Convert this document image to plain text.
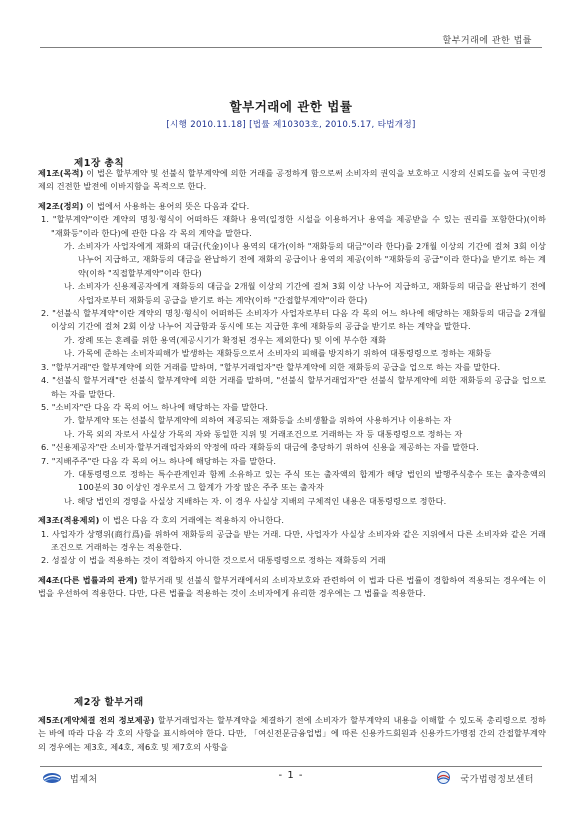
할부거래에 관한 법률
할부거래에 관한 법률
[시행 2010.11.18] [법률 제10303호, 2010.5.17, 타법개정]
제1장 총칙

제1조(목적) 이 법은 할부계약 및 선불식 할부계약에 의한 거래를 공정하게 함으로써 소비자의 권익을 보호하고 시장의 신뢰도를 높여 국민경제의 건전한 발전에 이바지함을 목적으로 한다.

제2조(정의) 이 법에서 사용하는 용어의 뜻은 다음과 같다.

1. "할부계약"이란 계약의 명칭·형식이 어떠하든 재화나 용역(일정한 시설을 이용하거나 용역을 제공받을 수 있는 권리를 포함한다)(이하 "재화등"이라 한다)에 관한 다음 각 목의 계약을 말한다.

가. 소비자가 사업자에게 재화의 대금(代金)이나 용역의 대가(이하 "재화등의 대금"이라 한다)를 2개월 이상의 기간에 걸쳐 3회 이상 나누어 지급하고, 재화등의 대금을 완납하기 전에 재화의 공급이나 용역의 제공(이하 "재화등의 공급"이라 한다)을 받기로 하는 계약(이하 "직접할부계약"이라 한다)

나. 소비자가 신용제공자에게 재화등의 대금을 2개월 이상의 기간에 걸쳐 3회 이상 나누어 지급하고, 재화등의 대금을 완납하기 전에 사업자로부터 재화등의 공급을 받기로 하는 계약(이하 "간접할부계약"이라 한다)

2. "선불식 할부계약"이란 계약의 명칭·형식이 어떠하든 소비자가 사업자로부터 다음 각 목의 어느 하나에 해당하는 재화등의 대금을 2개월 이상의 기간에 걸쳐 2회 이상 나누어 지급함과 동시에 또는 지급한 후에 재화등의 공급을 받기로 하는 계약을 말한다.

가. 장례 또는 혼례를 위한 용역(제공시기가 확정된 경우는 제외한다) 및 이에 부수한 재화

나. 가목에 준하는 소비자피해가 발생하는 재화등으로서 소비자의 피해를 방지하기 위하여 대통령령으로 정하는 재화등

3. "할부거래"란 할부계약에 의한 거래를 말하며, "할부거래업자"란 할부계약에 의한 재화등의 공급을 업으로 하는 자를 말한다.

4. "선불식 할부거래"란 선불식 할부계약에 의한 거래를 말하며, "선불식 할부거래업자"란 선불식 할부계약에 의한 재화등의 공급을 업으로 하는 자를 말한다.

5. "소비자"란 다음 각 목의 어느 하나에 해당하는 자를 말한다.

가. 할부계약 또는 선불식 할부계약에 의하여 제공되는 재화등을 소비생활을 위하여 사용하거나 이용하는 자

나. 가목 외의 자로서 사실상 가목의 자와 동일한 지위 및 거래조건으로 거래하는 자 등 대통령령으로 정하는 자

6. "신용제공자"란 소비자·할부거래업자와의 약정에 따라 재화등의 대금에 충당하기 위하여 신용을 제공하는 자를 말한다.

7. "지배주주"란 다음 각 목의 어느 하나에 해당하는 자를 말한다.

가. 대통령령으로 정하는 특수관계인과 함께 소유하고 있는 주식 또는 출자액의 합계가 해당 법인의 발행주식총수 또는 출자총액의 100분의 30 이상인 경우로서 그 합계가 가장 많은 주주 또는 출자자

나. 해당 법인의 경영을 사실상 지배하는 자. 이 경우 사실상 지배의 구체적인 내용은 대통령령으로 정한다.

제3조(적용제외) 이 법은 다음 각 호의 거래에는 적용하지 아니한다.

1. 사업자가 상행위(商行爲)를 위하여 재화등의 공급을 받는 거래. 다만, 사업자가 사실상 소비자와 같은 지위에서 다른 소비자와 같은 거래조건으로 거래하는 경우는 적용한다.

2. 성질상 이 법을 적용하는 것이 적합하지 아니한 것으로서 대통령령으로 정하는 재화등의 거래

제4조(다른 법률과의 관계) 할부거래 및 선불식 할부거래에서의 소비자보호와 관련하여 이 법과 다른 법률이 경합하여 적용되는 경우에는 이 법을 우선하여 적용한다. 다만, 다른 법률을 적용하는 것이 소비자에게 유리한 경우에는 그 법률을 적용한다.

제2장 할부거래

제5조(계약체결 전의 정보제공) 할부거래업자는 할부계약을 체결하기 전에 소비자가 할부계약의 내용을 이해할 수 있도록 총리령으로 정하는 바에 따라 다음 각 호의 사항을 표시하여야 한다. 다만, 「여신전문금융업법」에 따른 신용카드회원과 신용카드가맹점 간의 간접할부계약의 경우에는 제3호, 제4호, 제6호 및 제7호의 사항을

법제처	- 1 -	국가법령정보센터
